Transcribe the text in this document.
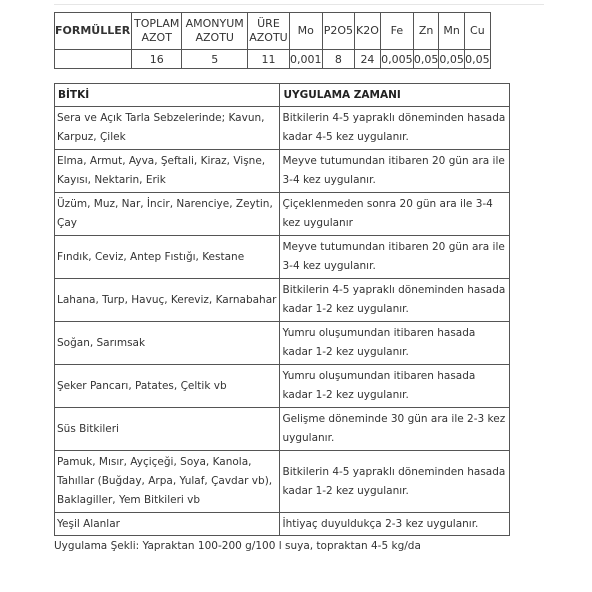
FORMÜLLER	TOPLAM AZOT	AMONYUM AZOTU	ÜRE AZOTU	Mo	P2O5	K2O	Fe	Zn	Mn	Cu
	16	5	11	0,001	8	24	0,005	0,05	0,05	0,05
BİTKİ	UYGULAMA ZAMANI
Sera ve Açık Tarla Sebzelerinde; Kavun, Karpuz, Çilek	Bitkilerin 4-5 yapraklı döneminden hasada kadar 4-5 kez uygulanır.
Elma, Armut, Ayva, Şeftali, Kiraz, Vişne, Kayısı, Nektarin, Erik	Meyve tutumundan itibaren 20 gün ara ile 3-4 kez uygulanır.
Üzüm, Muz, Nar, İncir, Narenciye, Zeytin, Çay	Çiçeklenmeden sonra 20 gün ara ile 3-4 kez uygulanır
Fındık, Ceviz, Antep Fıstığı, Kestane	Meyve tutumundan itibaren 20 gün ara ile 3-4 kez uygulanır.
Lahana, Turp, Havuç, Kereviz, Karnabahar	Bitkilerin 4-5 yapraklı döneminden hasada kadar 1-2 kez uygulanır.
Soğan, Sarımsak	Yumru oluşumundan itibaren hasada kadar 1-2 kez uygulanır.
Şeker Pancarı, Patates, Çeltik vb	Yumru oluşumundan itibaren hasada kadar 1-2 kez uygulanır.
Süs Bitkileri	Gelişme döneminde 30 gün ara ile 2-3 kez uygulanır.
Pamuk, Mısır, Ayçiçeği, Soya, Kanola, Tahıllar (Buğday, Arpa, Yulaf, Çavdar vb), Baklagiller, Yem Bitkileri vb	Bitkilerin 4-5 yapraklı döneminden hasada kadar 1-2 kez uygulanır.
Yeşil Alanlar	İhtiyaç duyuldukça 2-3 kez uygulanır.
Uygulama Şekli: Yapraktan 100-200 g/100 l suya, topraktan 4-5 kg/da
